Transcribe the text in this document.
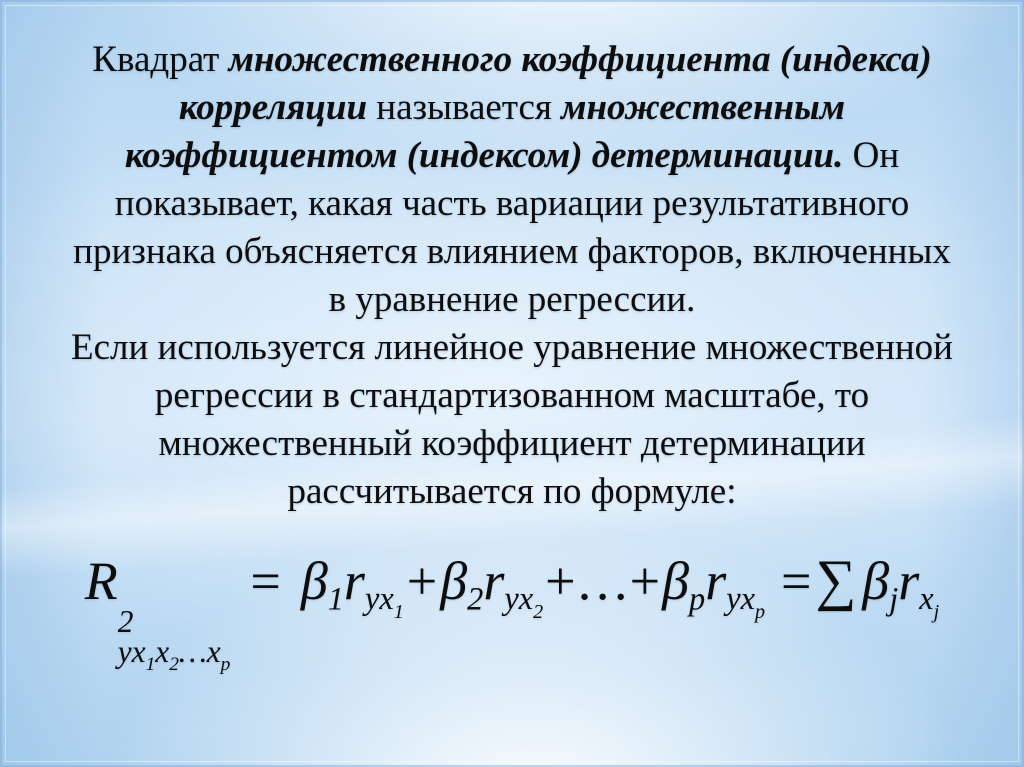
Квадрат множественного коэффициента (индекса)
корреляции называется множественным
коэффициентом (индексом) детерминации. Он
показывает, какая часть вариации результативного
признака объясняется влиянием факторов, включенных
в уравнение регрессии.
Если используется линейное уравнение множественной
регрессии в стандартизованном масштабе, то
множественный коэффициент детерминации
рассчитывается по формуле:
R
2
$yx_1x_2\dots x_p$
= $\beta_1r_{yx_1}+\beta_2r_{yx_2}+\dots+\beta_pr_{yx_p}=\sum$ $\beta_jr_{x_j}$
